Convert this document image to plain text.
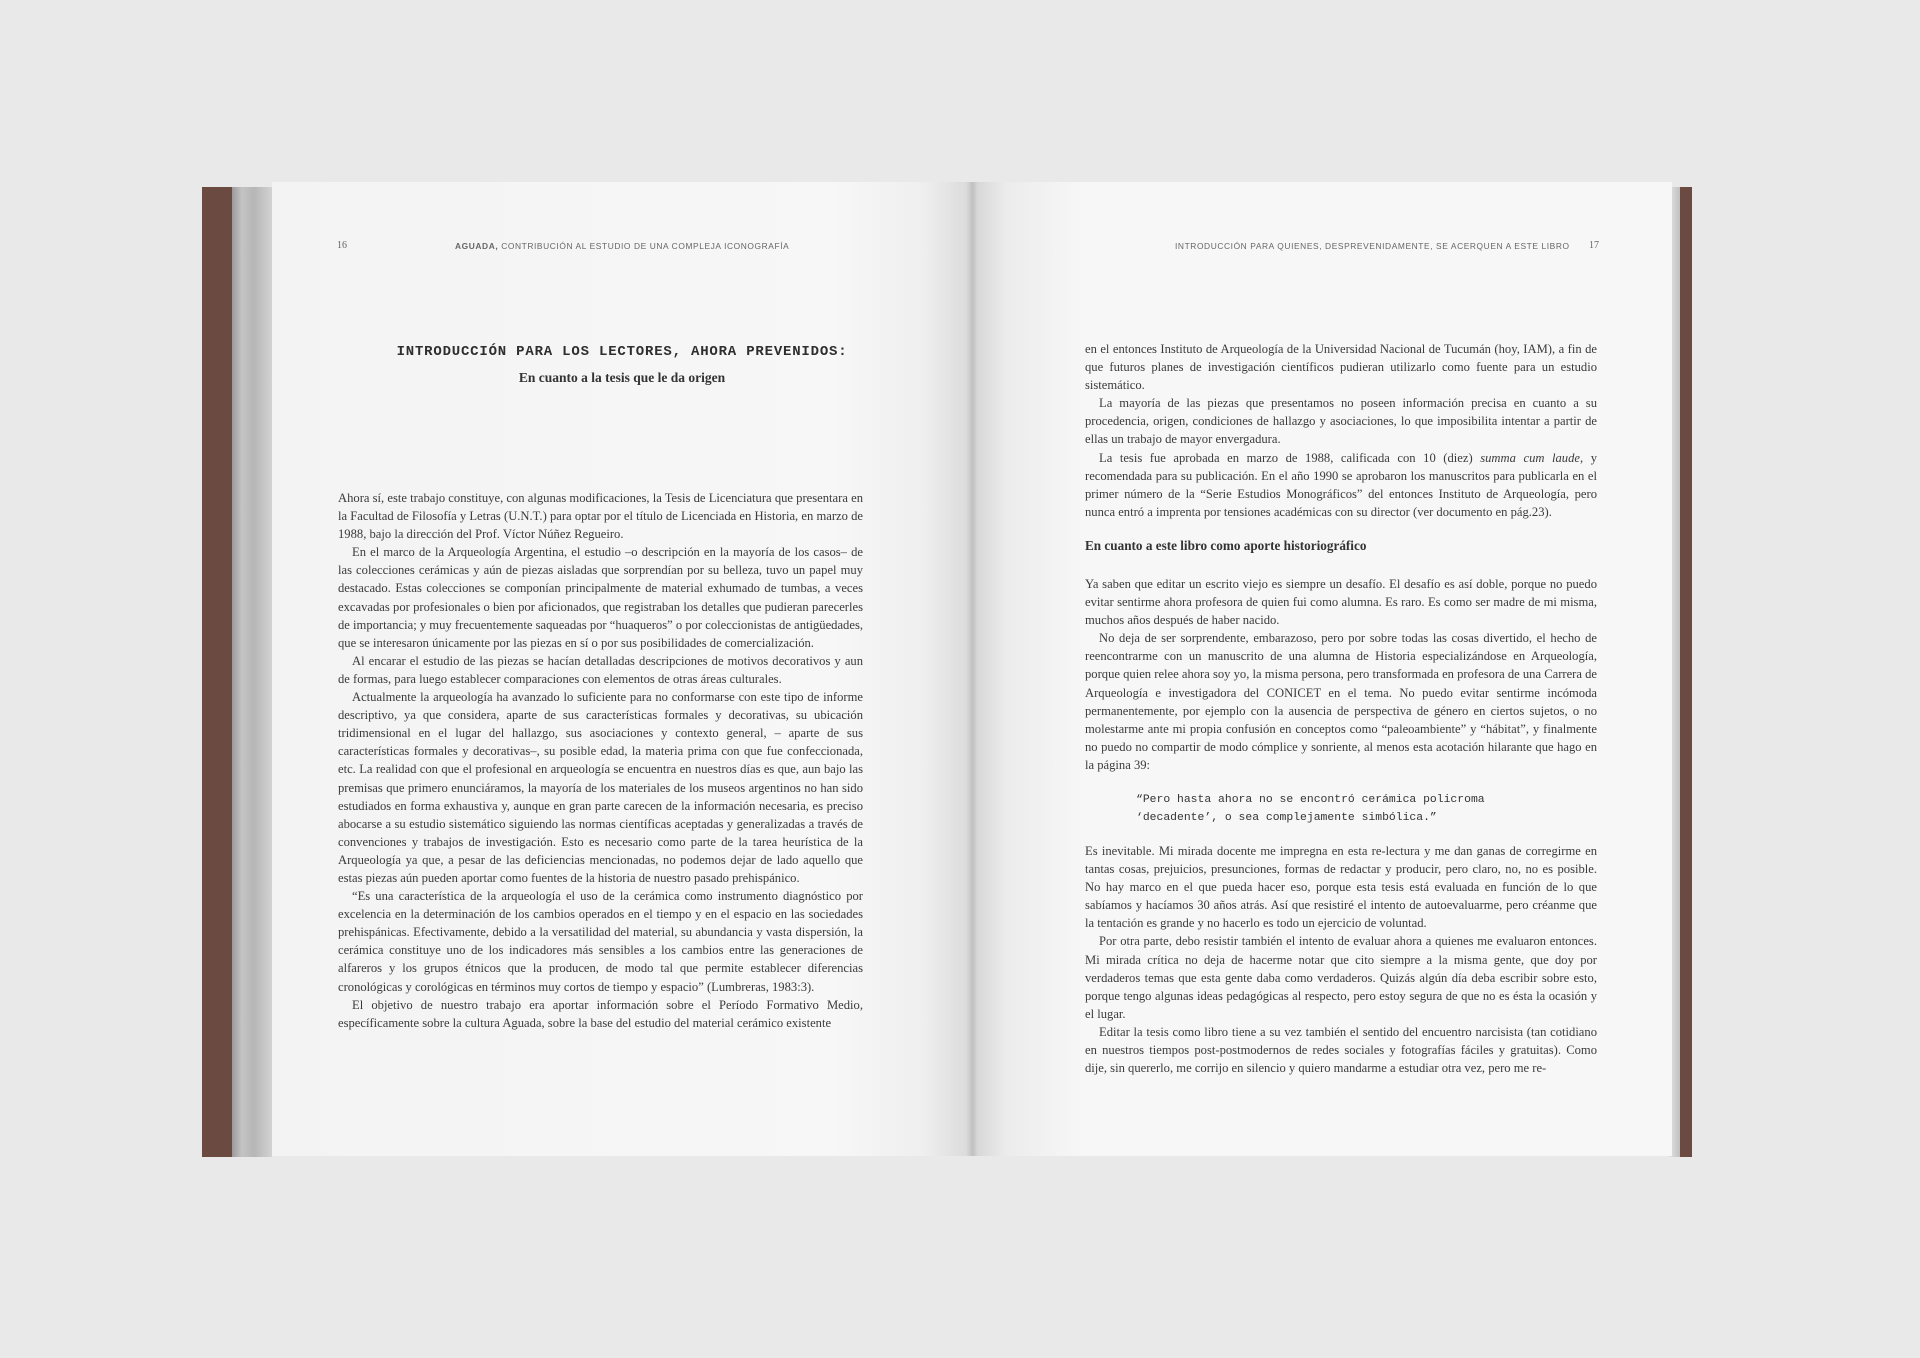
16	AGUADA, CONTRIBUCIÓN AL ESTUDIO DE UNA COMPLEJA ICONOGRAFÍA
INTRODUCCIÓN PARA LOS LECTORES, AHORA PREVENIDOS:
En cuanto a la tesis que le da origen

Ahora sí, este trabajo constituye, con algunas modificaciones, la Tesis de Licenciatura que presentara en la Facultad de Filosofía y Letras (U.N.T.) para optar por el título de Licenciada en Historia, en marzo de 1988, bajo la dirección del Prof. Víctor Núñez Regueiro.

En el marco de la Arqueología Argentina, el estudio –o descripción en la mayoría de los casos– de las colecciones cerámicas y aún de piezas aisladas que sorprendían por su belleza, tuvo un papel muy destacado. Estas colecciones se componían principalmente de material exhumado de tumbas, a veces excavadas por profesionales o bien por aficionados, que registraban los detalles que pudieran parecerles de importancia; y muy frecuentemente saqueadas por “huaqueros” o por coleccionistas de antigüedades, que se interesaron únicamente por las piezas en sí o por sus posibilidades de comercialización.

Al encarar el estudio de las piezas se hacían detalladas descripciones de motivos decorativos y aun de formas, para luego establecer comparaciones con elementos de otras áreas culturales.

Actualmente la arqueología ha avanzado lo suficiente para no conformarse con este tipo de informe descriptivo, ya que considera, aparte de sus características formales y decorativas, su ubicación tridimensional en el lugar del hallazgo, sus asociaciones y contexto general, – aparte de sus características formales y decorativas–, su posible edad, la materia prima con que fue confeccionada, etc. La realidad con que el profesional en arqueología se encuentra en nuestros días es que, aun bajo las premisas que primero enunciáramos, la mayoría de los materiales de los museos argentinos no han sido estudiados en forma exhaustiva y, aunque en gran parte carecen de la información necesaria, es preciso abocarse a su estudio sistemático siguiendo las normas científicas aceptadas y generalizadas a través de convenciones y trabajos de investigación. Esto es necesario como parte de la tarea heurística de la Arqueología ya que, a pesar de las deficiencias mencionadas, no podemos dejar de lado aquello que estas piezas aún pueden aportar como fuentes de la historia de nuestro pasado prehispánico.

“Es una característica de la arqueología el uso de la cerámica como instrumento diagnóstico por excelencia en la determinación de los cambios operados en el tiempo y en el espacio en las sociedades prehispánicas. Efectivamente, debido a la versatilidad del material, su abundancia y vasta dispersión, la cerámica constituye uno de los indicadores más sensibles a los cambios entre las generaciones de alfareros y los grupos étnicos que la producen, de modo tal que permite establecer diferencias cronológicas y corológicas en términos muy cortos de tiempo y espacio” (Lumbreras, 1983:3).

El objetivo de nuestro trabajo era aportar información sobre el Período Formativo Medio, específicamente sobre la cultura Aguada, sobre la base del estudio del material cerámico existente

INTRODUCCIÓN PARA QUIENES, DESPREVENIDAMENTE, SE ACERQUEN A ESTE LIBRO 17

en el entonces Instituto de Arqueología de la Universidad Nacional de Tucumán (hoy, IAM), a fin de que futuros planes de investigación científicos pudieran utilizarlo como fuente para un estudio sistemático.

La mayoría de las piezas que presentamos no poseen información precisa en cuanto a su procedencia, origen, condiciones de hallazgo y asociaciones, lo que imposibilita intentar a partir de ellas un trabajo de mayor envergadura.

La tesis fue aprobada en marzo de 1988, calificada con 10 (diez) summa cum laude, y recomendada para su publicación. En el año 1990 se aprobaron los manuscritos para publicarla en el primer número de la “Serie Estudios Monográficos” del entonces Instituto de Arqueología, pero nunca entró a imprenta por tensiones académicas con su director (ver documento en pág.23).

En cuanto a este libro como aporte historiográfico

Ya saben que editar un escrito viejo es siempre un desafío. El desafío es así doble, porque no puedo evitar sentirme ahora profesora de quien fui como alumna. Es raro. Es como ser madre de mi misma, muchos años después de haber nacido.

No deja de ser sorprendente, embarazoso, pero por sobre todas las cosas divertido, el hecho de reencontrarme con un manuscrito de una alumna de Historia especializándose en Arqueología, porque quien relee ahora soy yo, la misma persona, pero transformada en profesora de una Carrera de Arqueología e investigadora del CONICET en el tema. No puedo evitar sentirme incómoda permanentemente, por ejemplo con la ausencia de perspectiva de género en ciertos sujetos, o no molestarme ante mi propia confusión en conceptos como “paleoambiente” y “hábitat”, y finalmente no puedo no compartir de modo cómplice y sonriente, al menos esta acotación hilarante que hago en la página 39:

“Pero hasta ahora no se encontró cerámica policroma
‘decadente’, o sea complejamente simbólica.”

Es inevitable. Mi mirada docente me impregna en esta re-lectura y me dan ganas de corregirme en tantas cosas, prejuicios, presunciones, formas de redactar y producir, pero claro, no, no es posible. No hay marco en el que pueda hacer eso, porque esta tesis está evaluada en función de lo que sabíamos y hacíamos 30 años atrás. Así que resistiré el intento de autoevaluarme, pero créanme que la tentación es grande y no hacerlo es todo un ejercicio de voluntad.

Por otra parte, debo resistir también el intento de evaluar ahora a quienes me evaluaron entonces. Mi mirada crítica no deja de hacerme notar que cito siempre a la misma gente, que doy por verdaderos temas que esta gente daba como verdaderos. Quizás algún día deba escribir sobre esto, porque tengo algunas ideas pedagógicas al respecto, pero estoy segura de que no es ésta la ocasión y el lugar.

Editar la tesis como libro tiene a su vez también el sentido del encuentro narcisista (tan cotidiano en nuestros tiempos post-postmodernos de redes sociales y fotografías fáciles y gratuitas). Como dije, sin quererlo, me corrijo en silencio y quiero mandarme a estudiar otra vez, pero me re-
